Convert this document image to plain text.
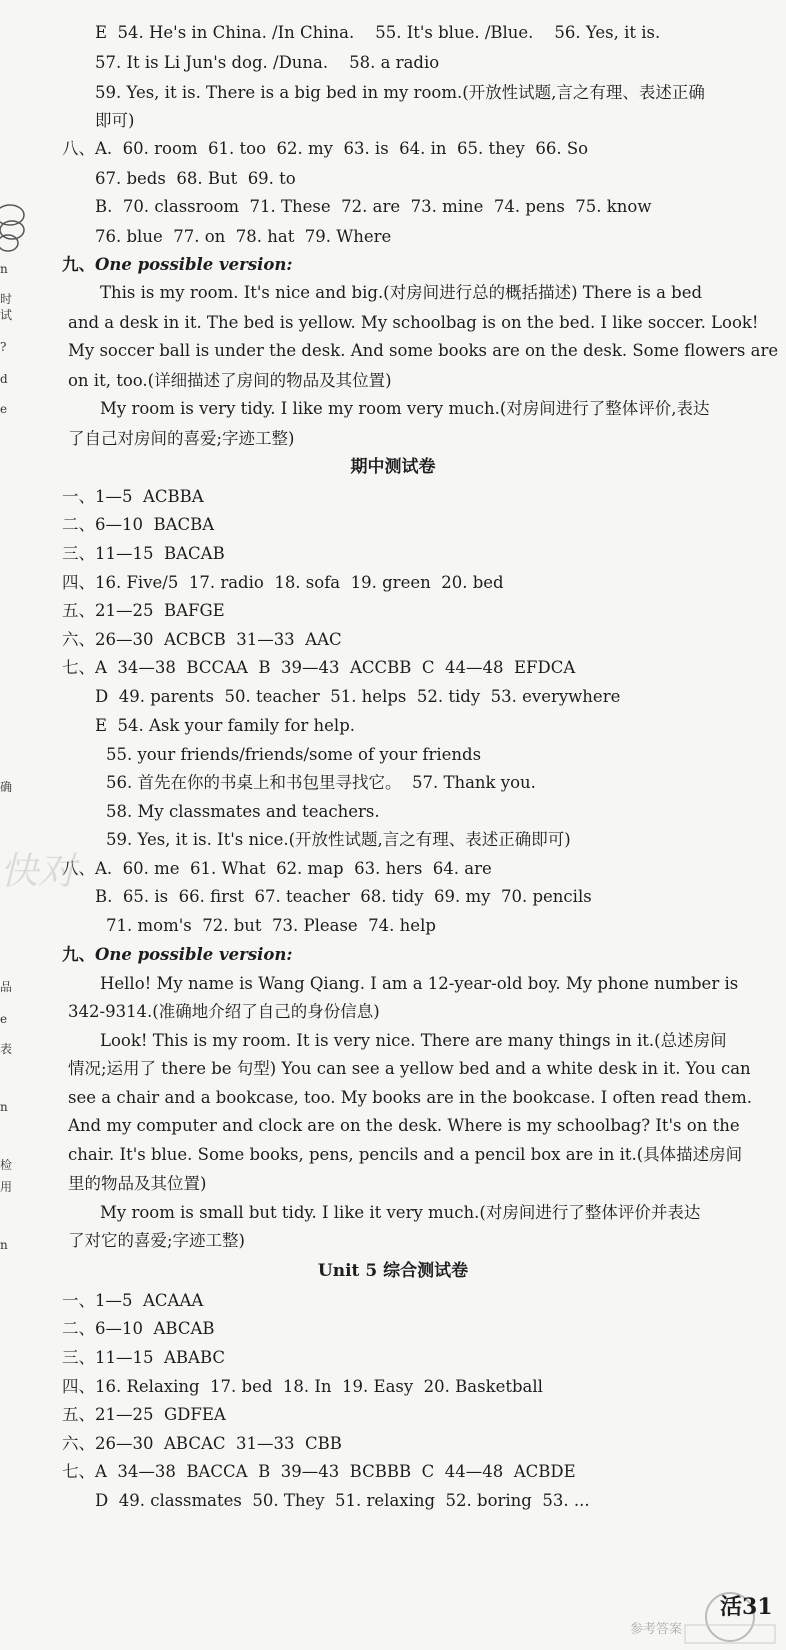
快对
E  54. He's in China. /In China.    55. It's blue. /Blue.    56. Yes, it is.
57. It is Li Jun's dog. /Duna.    58. a radio
59. Yes, it is. There is a big bed in my room.(开放性试题,言之有理、表述正确
即可)
八、A.  60. room  61. too  62. my  63. is  64. in  65. they  66. So
67. beds  68. But  69. to
B.  70. classroom  71. These  72. are  73. mine  74. pens  75. know
76. blue  77. on  78. hat  79. Where
This is my room. It's nice and big.(对房间进行总的概括描述) There is a bed
and a desk in it. The bed is yellow. My schoolbag is on the bed. I like soccer. Look!
My soccer ball is under the desk. And some books are on the desk. Some flowers are
on it, too.(详细描述了房间的物品及其位置)
My room is very tidy. I like my room very much.(对房间进行了整体评价,表达
了自己对房间的喜爱;字迹工整)
一、1—5  ACBBA
二、6—10  BACBA
三、11—15  BACAB
四、16. Five/5  17. radio  18. sofa  19. green  20. bed
五、21—25  BAFGE
六、26—30  ACBCB  31—33  AAC
七、A  34—38  BCCAA  B  39—43  ACCBB  C  44—48  EFDCA
D  49. parents  50. teacher  51. helps  52. tidy  53. everywhere
E  54. Ask your family for help.
55. your friends/friends/some of your friends
56. 首先在你的书桌上和书包里寻找它。  57. Thank you.
58. My classmates and teachers.
59. Yes, it is. It's nice.(开放性试题,言之有理、表述正确即可)
八、A.  60. me  61. What  62. map  63. hers  64. are
B.  65. is  66. first  67. teacher  68. tidy  69. my  70. pencils
71. mom's  72. but  73. Please  74. help
Hello! My name is Wang Qiang. I am a 12-year-old boy. My phone number is
342-9314.(准确地介绍了自己的身份信息)
Look! This is my room. It is very nice. There are many things in it.(总述房间
情况;运用了 there be 句型) You can see a yellow bed and a white desk in it. You can
see a chair and a bookcase, too. My books are in the bookcase. I often read them.
And my computer and clock are on the desk. Where is my schoolbag? It's on the
chair. It's blue. Some books, pens, pencils and a pencil box are in it.(具体描述房间
里的物品及其位置)
My room is small but tidy. I like it very much.(对房间进行了整体评价并表达
了对它的喜爱;字迹工整)
一、1—5  ACAAA
二、6—10  ABCAB
三、11—15  ABABC
四、16. Relaxing  17. bed  18. In  19. Easy  20. Basketball
五、21—25  GDFEA
六、26—30  ABCAC  31—33  CBB
七、A  34—38  BACCA  B  39—43  BCBBB  C  44—48  ACBDE
D  49. classmates  50. They  51. relaxing  52. boring  53. ...
九、One possible version:
九、One possible version:
期中测试卷
Unit 5 综合测试卷
n
时
试
?
d
e
确
品
e
表
n
检
用
n
参考答案
活31
